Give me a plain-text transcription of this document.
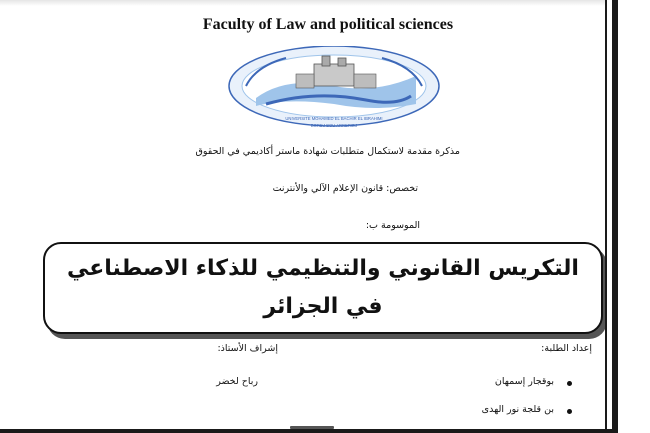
Faculty of Law and political sciences
UNIVERSITE MOHAMED EL BACHIR EL IBRAHIMI
BORDJ BOU ARRERIDJ
مذكرة مقدمة لاستكمال متطلبات شهادة ماستر أكاديمي في الحقوق
تخصص: قانون الإعلام الآلي والأنترنت
الموسومة ب:
التكريس القانوني والتنظيمي للذكاء الاصطناعي في الجزائر
إعداد الطلبة:
إشراف الأستاذ:
بوقجار إسمهان
رباح لخضر
بن قلجة نور الهدى
